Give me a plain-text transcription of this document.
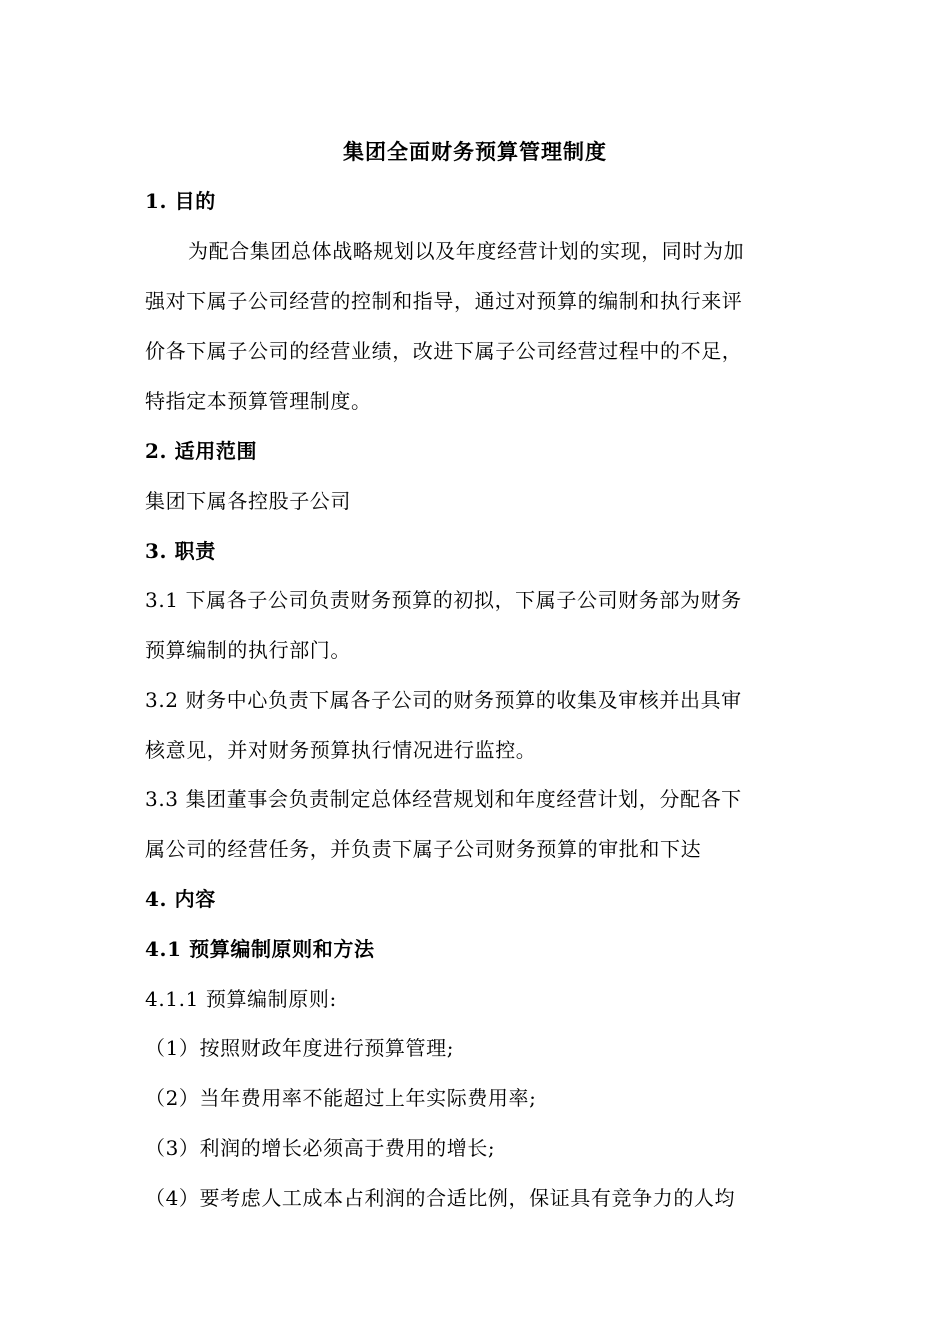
集团全面财务预算管理制度
1. 目的
为配合集团总体战略规划以及年度经营计划的实现，同时为加
强对下属子公司经营的控制和指导，通过对预算的编制和执行来评
价各下属子公司的经营业绩，改进下属子公司经营过程中的不足，
特指定本预算管理制度。
2. 适用范围
集团下属各控股子公司
3. 职责
3.1 下属各子公司负责财务预算的初拟，下属子公司财务部为财务
预算编制的执行部门。
3.2 财务中心负责下属各子公司的财务预算的收集及审核并出具审
核意见，并对财务预算执行情况进行监控。
3.3 集团董事会负责制定总体经营规划和年度经营计划，分配各下
属公司的经营任务，并负责下属子公司财务预算的审批和下达
4. 内容
4.1 预算编制原则和方法
4.1.1 预算编制原则:
（1）按照财政年度进行预算管理;
（2）当年费用率不能超过上年实际费用率;
（3）利润的增长必须高于费用的增长;
（4）要考虑人工成本占利润的合适比例，保证具有竞争力的人均
